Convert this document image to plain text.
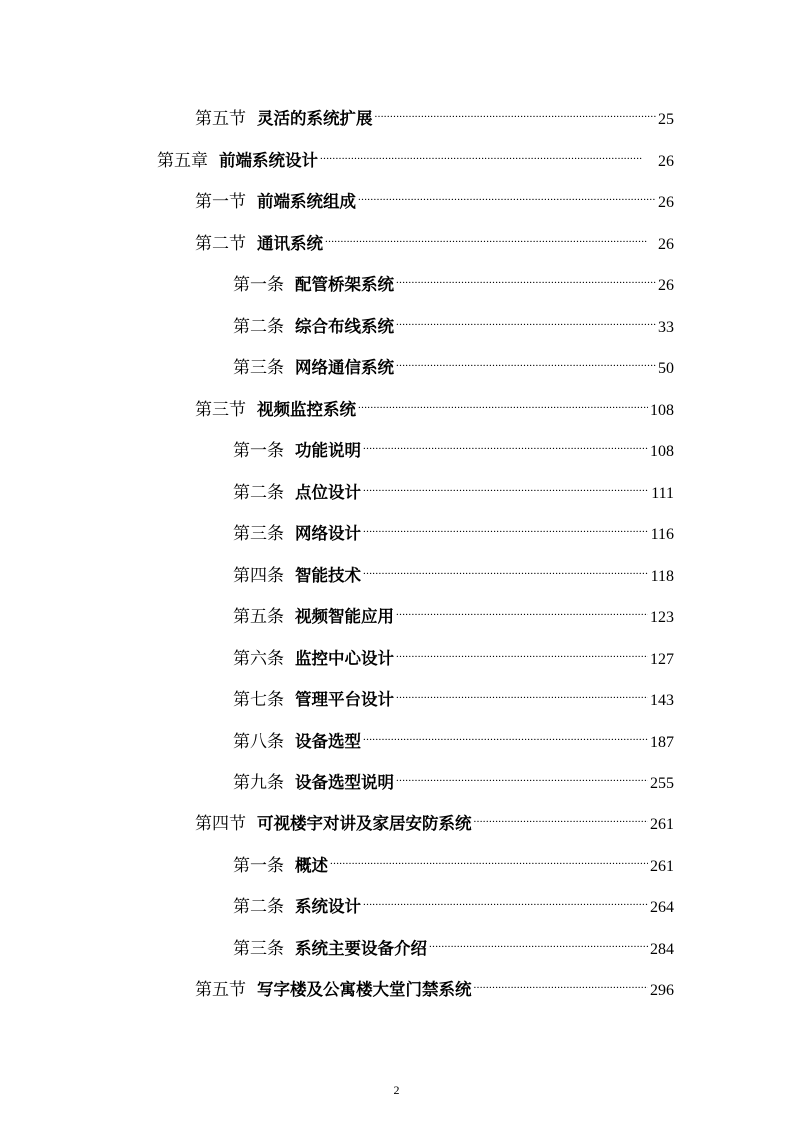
第五节 灵活的系统扩展 . . .	25
第五章 前端系统设计 . . .	26
第一节 前端系统组成 . . .	26
第二节 通讯系统 . . .	26
第一条 配管桥架系统 . . .	26
第二条 综合布线系统 . . .	33
第三条 网络通信系统 . . .	50
第三节 视频监控系统 . . .	108
第一条 功能说明 . . .	108
第二条 点位设计 . . .	111
第三条 网络设计 . . .	116
第四条 智能技术 . . .	118
第五条 视频智能应用 . . .	123
第六条 监控中心设计 . . .	127
第七条 管理平台设计 . . .	143
第八条 设备选型 . . .	187
第九条 设备选型说明 . . .	255
第四节 可视楼宇对讲及家居安防系统 . . .	261
第一条 概述 . . .	261
第二条 系统设计 . . .	264
第三条 系统主要设备介绍 . . .	284
第五节 写字楼及公寓楼大堂门禁系统 . . .	296
2
